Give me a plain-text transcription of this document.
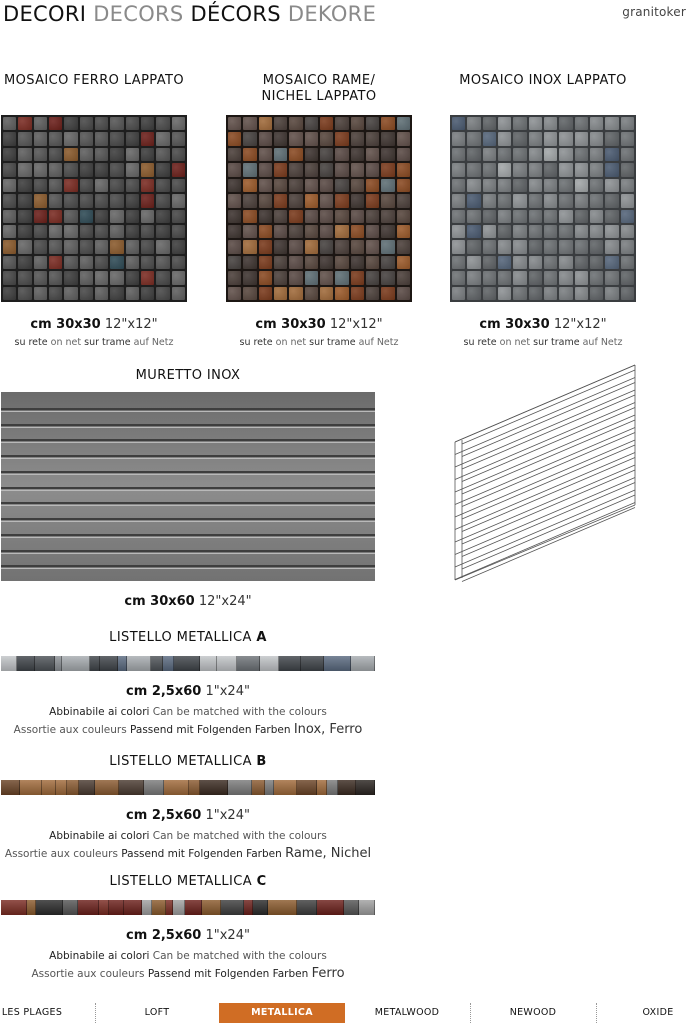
DECORI DECORS DÉCORS DEKORE	granitoker
MOSAICO FERRO LAPPATO
cm 30x30 12"x12"
su rete on net sur trame auf Netz
MOSAICO RAME/
NICHEL LAPPATO
cm 30x30 12"x12"
su rete on net sur trame auf Netz
MOSAICO INOX LAPPATO
cm 30x30 12"x12"
su rete on net sur trame auf Netz
MURETTO INOX
cm 30x60 12"x24"
LISTELLO METALLICA A
cm 2,5x60 1"x24"
Abbinabile ai colori Can be matched with the colours
Assortie aux couleurs Passend mit Folgenden Farben Inox, Ferro
LISTELLO METALLICA B
cm 2,5x60 1"x24"
Abbinabile ai colori Can be matched with the colours
Assortie aux couleurs Passend mit Folgenden Farben Rame, Nichel
LISTELLO METALLICA C
cm 2,5x60 1"x24"
Abbinabile ai colori Can be matched with the colours
Assortie aux couleurs Passend mit Folgenden Farben Ferro
LES PLAGES	LOFT	METALLICA	METALWOOD	NEWOOD	OXIDE
